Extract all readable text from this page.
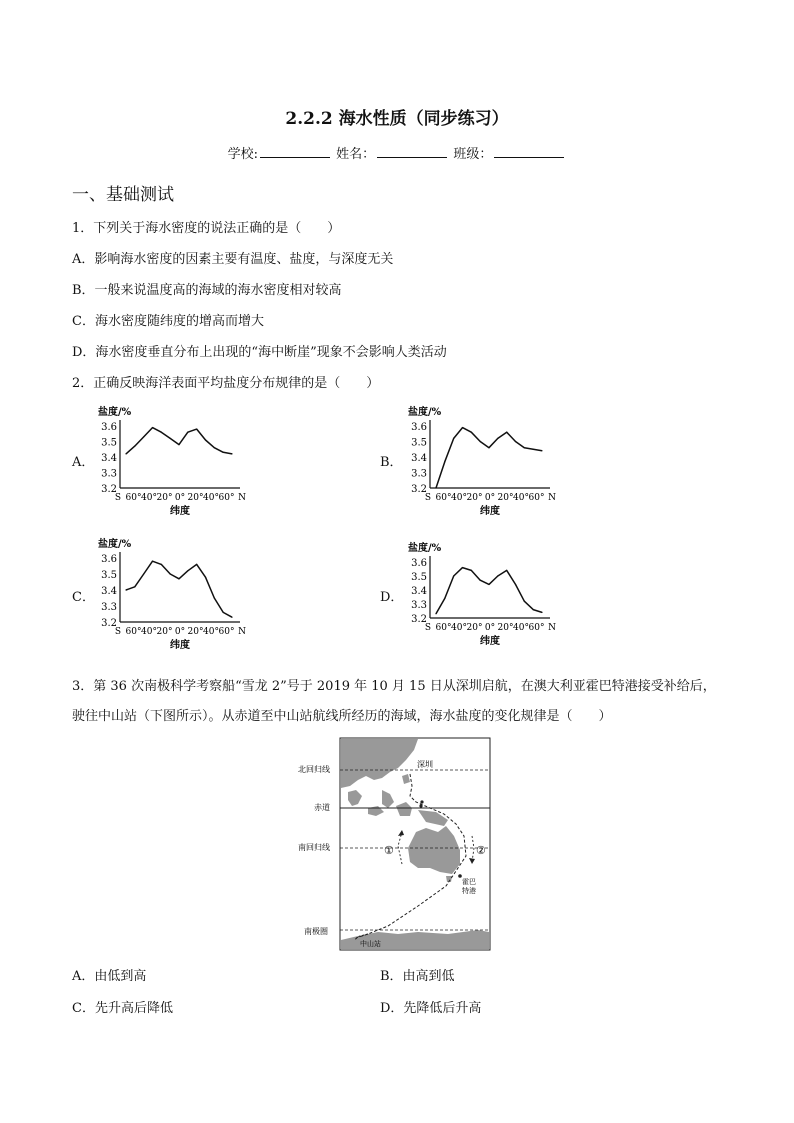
2.2.2 海水性质（同步练习）
学校:	姓名：	班级：
一、基础测试
1．下列关于海水密度的说法正确的是（　　）
A．影响海水密度的因素主要有温度、盐度，与深度无关
B．一般来说温度高的海域的海水密度相对较高
C．海水密度随纬度的增高而增大
D．海水密度垂直分布上出现的“海中断崖”现象不会影响人类活动
2．正确反映海洋表面平均盐度分布规律的是（　　）
A．	B．
C．	D．
盐度/%
3.6
3.5
3.4
3.3
3.2
S 60° 40° 20° 0° 20° 40° 60° N
纬度
盐度/%
3.6
3.5
3.4
3.3
3.2
S 60° 40° 20° 0° 20° 40° 60° N
纬度
盐度/%
3.6
3.5
3.4
3.3
3.2
S 60° 40° 20° 0° 20° 40° 60° N
纬度
盐度/%
3.6
3.5
3.4
3.3
3.2
S 60° 40° 20° 0° 20° 40° 60° N
纬度
3．第 36 次南极科学考察船“雪龙 2”号于 2019 年 10 月 15 日从深圳启航，在澳大利亚霍巴特港接受补给后，
驶往中山站（下图所示）。从赤道至中山站航线所经历的海域，海水盐度的变化规律是（　　）
北回归线
赤道
南回归线
南极圈
深圳
中山站
霍巴
特港
①	②
A．由低到高	B．由高到低
C．先升高后降低	D．先降低后升高
